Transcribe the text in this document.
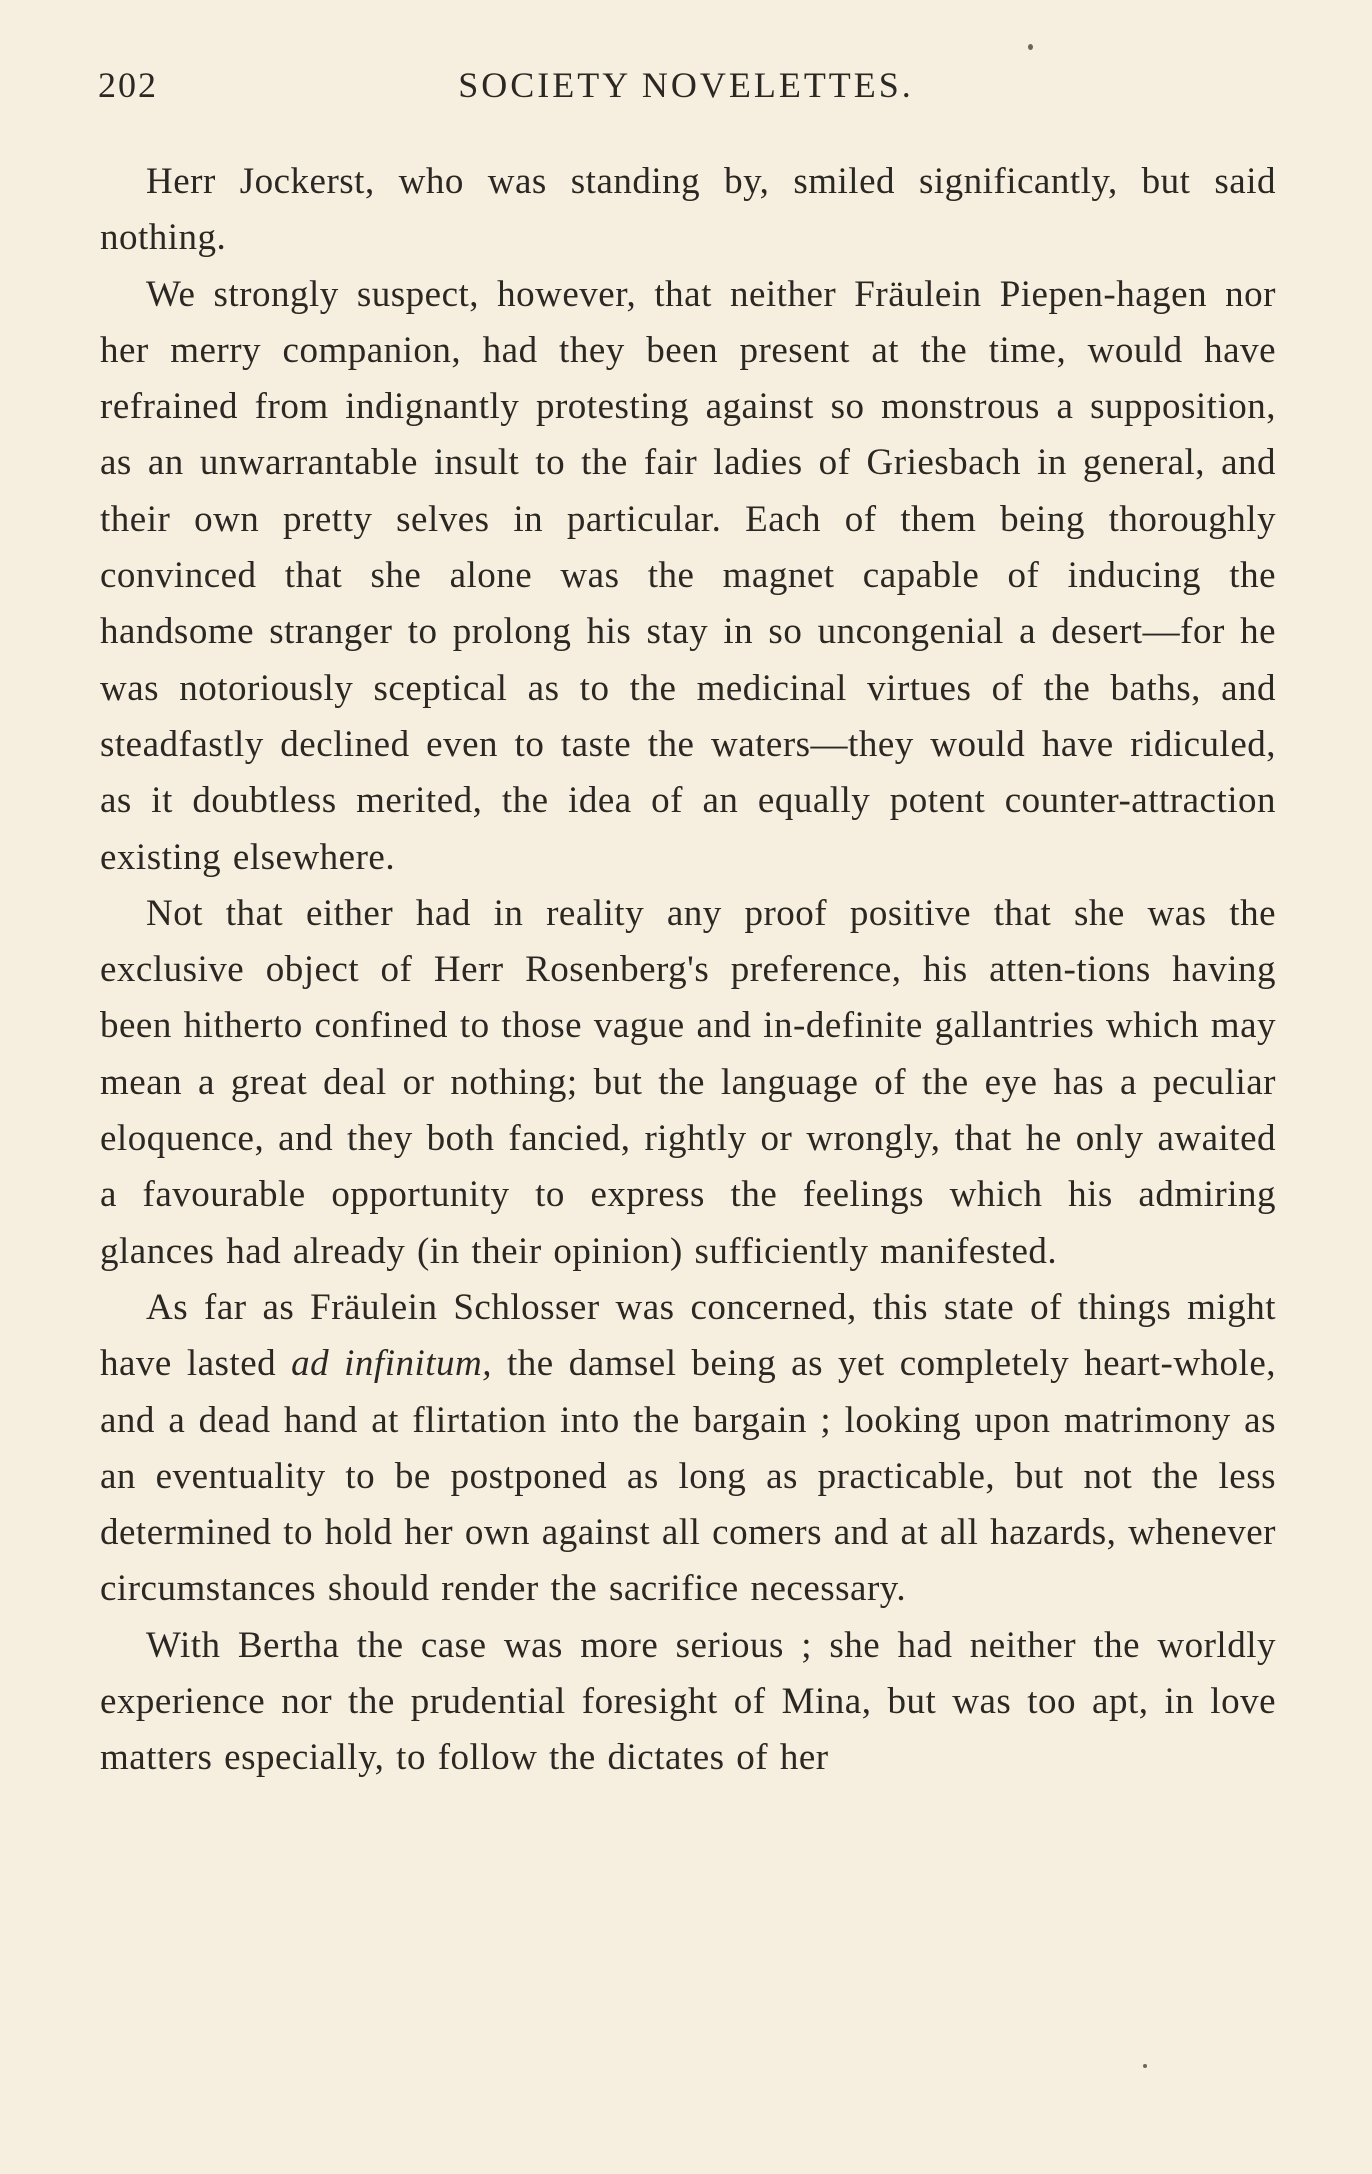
202	SOCIETY NOVELETTES.

Herr Jockerst, who was standing by, smiled significantly, but said nothing.

We strongly suspect, however, that neither Fräulein Piepen-hagen nor her merry companion, had they been present at the time, would have refrained from indignantly protesting against so monstrous a supposition, as an unwarrantable insult to the fair ladies of Griesbach in general, and their own pretty selves in particular. Each of them being thoroughly convinced that she alone was the magnet capable of inducing the handsome stranger to prolong his stay in so uncongenial a desert—for he was notoriously sceptical as to the medicinal virtues of the baths, and steadfastly declined even to taste the waters—they would have ridiculed, as it doubtless merited, the idea of an equally potent counter-attraction existing elsewhere.

Not that either had in reality any proof positive that she was the exclusive object of Herr Rosenberg's preference, his atten-tions having been hitherto confined to those vague and in-definite gallantries which may mean a great deal or nothing; but the language of the eye has a peculiar eloquence, and they both fancied, rightly or wrongly, that he only awaited a favourable opportunity to express the feelings which his admiring glances had already (in their opinion) sufficiently manifested.

As far as Fräulein Schlosser was concerned, this state of things might have lasted ad infinitum, the damsel being as yet completely heart-whole, and a dead hand at flirtation into the bargain ; looking upon matrimony as an eventuality to be postponed as long as practicable, but not the less determined to hold her own against all comers and at all hazards, whenever circumstances should render the sacrifice necessary.

With Bertha the case was more serious ; she had neither the worldly experience nor the prudential foresight of Mina, but was too apt, in love matters especially, to follow the dictates of her
